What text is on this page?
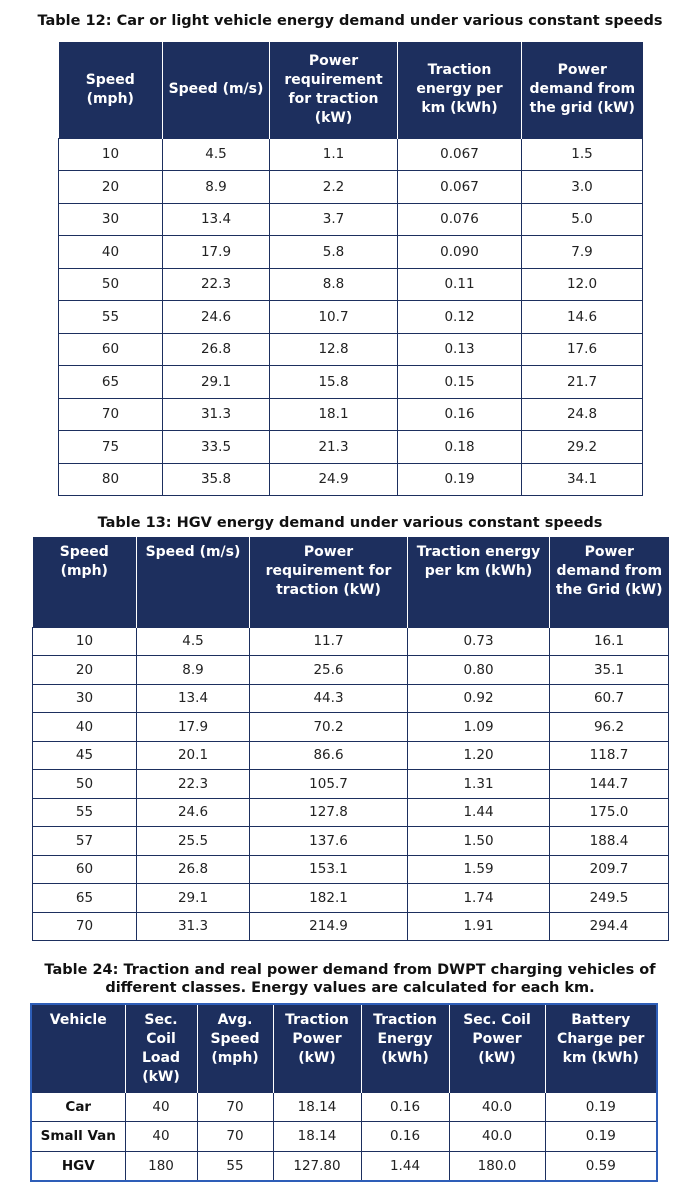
Table 12: Car or light vehicle energy demand under various constant speeds
Speed (mph)	Speed (m/s)	Power requirement for traction (kW)	Traction energy per km (kWh)	Power demand from the grid (kW)
10	4.5	1.1	0.067	1.5
20	8.9	2.2	0.067	3.0
30	13.4	3.7	0.076	5.0
40	17.9	5.8	0.090	7.9
50	22.3	8.8	0.11	12.0
55	24.6	10.7	0.12	14.6
60	26.8	12.8	0.13	17.6
65	29.1	15.8	0.15	21.7
70	31.3	18.1	0.16	24.8
75	33.5	21.3	0.18	29.2
80	35.8	24.9	0.19	34.1
Table 13: HGV energy demand under various constant speeds
Speed (mph)	Speed (m/s)	Power requirement for traction (kW)	Traction energy per km (kWh)	Power demand from the Grid (kW)
10	4.5	11.7	0.73	16.1
20	8.9	25.6	0.80	35.1
30	13.4	44.3	0.92	60.7
40	17.9	70.2	1.09	96.2
45	20.1	86.6	1.20	118.7
50	22.3	105.7	1.31	144.7
55	24.6	127.8	1.44	175.0
57	25.5	137.6	1.50	188.4
60	26.8	153.1	1.59	209.7
65	29.1	182.1	1.74	249.5
70	31.3	214.9	1.91	294.4
Table 24: Traction and real power demand from DWPT charging vehicles of
different classes. Energy values are calculated for each km.
Vehicle	Sec. Coil Load (kW)	Avg. Speed (mph)	Traction Power (kW)	Traction Energy (kWh)	Sec. Coil Power (kW)	Battery Charge per km (kWh)
Car	40	70	18.14	0.16	40.0	0.19
Small Van	40	70	18.14	0.16	40.0	0.19
HGV	180	55	127.80	1.44	180.0	0.59
